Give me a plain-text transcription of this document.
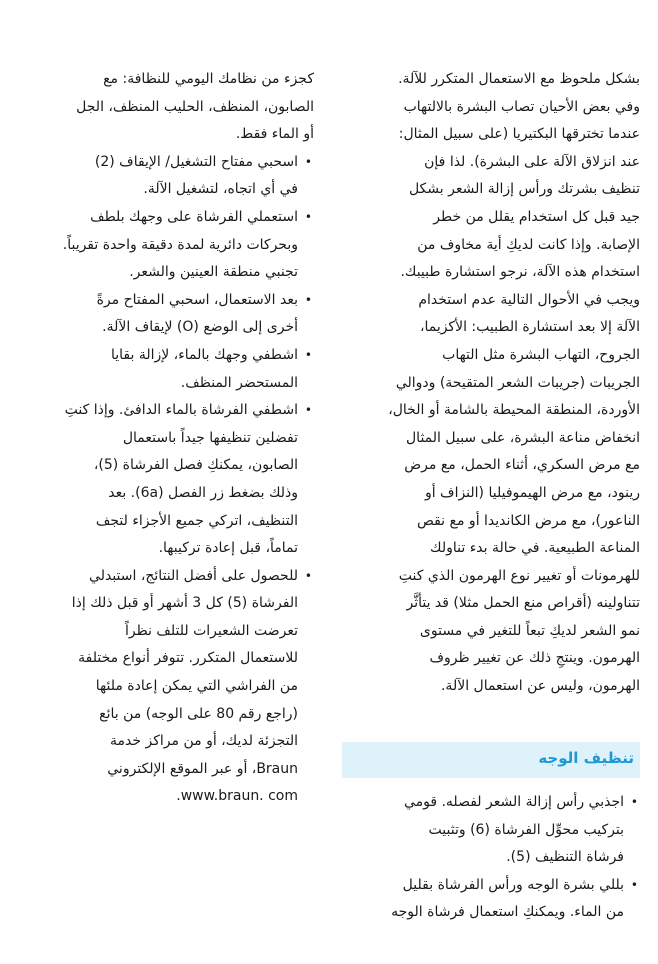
بشكل ملحوظ مع الاستعمال المتكرر للآلة.
وفي بعض الأحيان تصاب البشرة بالالتهاب
عندما تخترقها البكتيريا (على سبيل المثال:
عند انزلاق الآلة على البشرة). لذا فإن
تنظيف بشرتك ورأس إزالة الشعر بشكل
جيد قبل كل استخدام يقلل من خطر
الإصابة. وإذا كانت لديكِ أية مخاوف من
استخدام هذه الآلة، نرجو استشارة طبيبك.
ويجب في الأحوال التالية عدم استخدام
الآلة إلا بعد استشارة الطبيب: الأكزيما،
الجروح، التهاب البشرة مثل التهاب
الجريبات (جريبات الشعر المتقيحة) ودوالي
الأوردة، المنطقة المحيطة بالشامة أو الخال،
انخفاض مناعة البشرة، على سبيل المثال
مع مرض السكري، أثناء الحمل، مع مرض
رينود، مع مرض الهيموفيليا (النزاف أو
الناعور)، مع مرض الكانديدا أو مع نقص
المناعة الطبيعية. في حالة بدء تناولك
للهرمونات أو تغيير نوع الهرمون الذي كنتِ
تتناولينه (أقراص منع الحمل مثلا) قد يتأثَّر
نمو الشعر لديكِ تبعاً للتغير في مستوى
الهرمون. وينتجِ ذلك عن تغيير ظروف
الهرمون، وليس عن استعمال الآلة.
تنظيف الوجه
•
اجذبي رأس إزالة الشعر لفصله. قومي
بتركيب محوِّل الفرشاة (6) وتثبيت
فرشاة التنظيف (5).
•
بللي بشرة الوجه ورأس الفرشاة بقليل
من الماء. ويمكنكِ استعمال فرشاة الوجه
كجزء من نظامك اليومي للنظافة: مع
الصابون، المنظف، الحليب المنظف، الجل
أو الماء فقط.
•
اسحبي مفتاح التشغيل/ الإيقاف (2)
في أي اتجاه، لتشغيل الآلة.
•
استعملي الفرشاة على وجهك بلطف
وبحركات دائرية لمدة دقيقة واحدة تقريباً.
تجنبي منطقة العينين والشعر.
•
بعد الاستعمال، اسحبي المفتاح مرةً
أخرى إلى الوضع (O) لإيقاف الآلة.
•
اشطفي وجهك بالماء، لإزالة بقايا
المستحضر المنظف.
•
اشطفي الفرشاة بالماء الدافئ. وإذا كنتِ
تفضلين تنظيفها جيداً باستعمال
الصابون، يمكنكِ فصل الفرشاة (5)،
وذلك بضغط زر الفصل (6a). بعد
التنظيف، اتركي جميع الأجزاء لتجف
تماماً، قبل إعادة تركيبها.
•
للحصول على أفضل النتائج، استبدلي
الفرشاة (5) كل 3 أشهر أو قبل ذلك إذا
تعرضت الشعيرات للتلف نظراً
للاستعمال المتكرر. تتوفر أنواع مختلفة
من الفراشي التي يمكن إعادة ملئها
(راجع رقم 80 على الوجه) من بائع
التجزئة لديك، أو من مراكز خدمة
Braun، أو عبر الموقع الإلكتروني
www.braun. com.
